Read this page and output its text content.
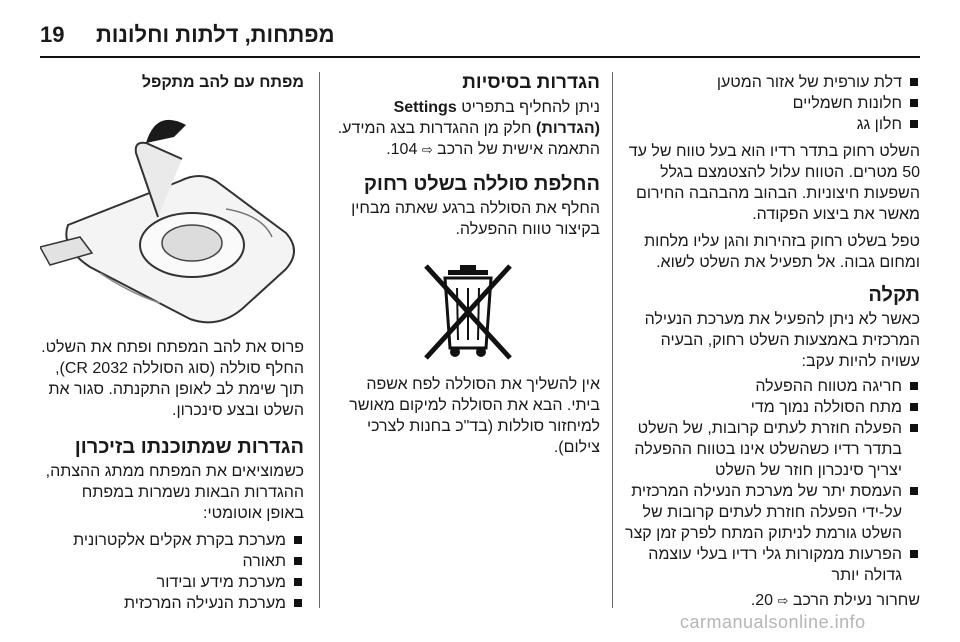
19 מפתחות, דלתות וחלונות
דלת עורפית של אזור המטען
חלונות חשמליים
חלון גג

השלט רחוק בתדר רדיו הוא בעל טווח של עד 50 מטרים. הטווח עלול להצטמצם בגלל השפעות חיצוניות. הבהוב מהבהבה החירום מאשר את ביצוע הפקודה.

טפל בשלט רחוק בזהירות והגן עליו מלחות ומחום גבוה. אל תפעיל את השלט לשוא.

תקלה

כאשר לא ניתן להפעיל את מערכת הנעילה המרכזית באמצעות השלט רחוק, הבעיה עשויה להיות עקב:

חריגה מטווח ההפעלה
מתח הסוללה נמוך מדי
הפעלה חוזרת לעתים קרובות, של השלט בתדר רדיו כשהשלט אינו בטווח ההפעלה יצריך סינכרון חוזר של השלט
העמסת יתר של מערכת הנעילה המרכזית על-ידי הפעלה חוזרת לעתים קרובות של השלט גורמת לניתוק המתח לפרק זמן קצר
הפרעות ממקורות גלי רדיו בעלי עוצמה גדולה יותר

שחרור נעילת הרכב ⇨ 20.

הגדרות בסיסיות

ניתן להחליף בתפריט Settings (הגדרות) חלק מן ההגדרות בצג המידע. התאמה אישית של הרכב ⇨ 104.

החלפת סוללה בשלט רחוק

החלף את הסוללה ברגע שאתה מבחין בקיצור טווח ההפעלה.

אין להשליך את הסוללה לפח אשפה ביתי. הבא את הסוללה למיקום מאושר למיחזור סוללות (בד"כ בחנות לצרכי צילום).

מפתח עם להב מתקפל

פרוס את להב המפתח ופתח את השלט. החלף סוללה (סוג הסוללה CR 2032), תוך שימת לב לאופן התקנתה. סגור את השלט ובצע סינכרון.

הגדרות שמתוכנתו בזיכרון

כשמוציאים את המפתח ממתג ההצתה, ההגדרות הבאות נשמרות במפתח באופן אוטומטי:

מערכת בקרת אקלים אלקטרונית
תאורה
מערכת מידע ובידור
מערכת הנעילה המרכזית
carmanualsonline.info
